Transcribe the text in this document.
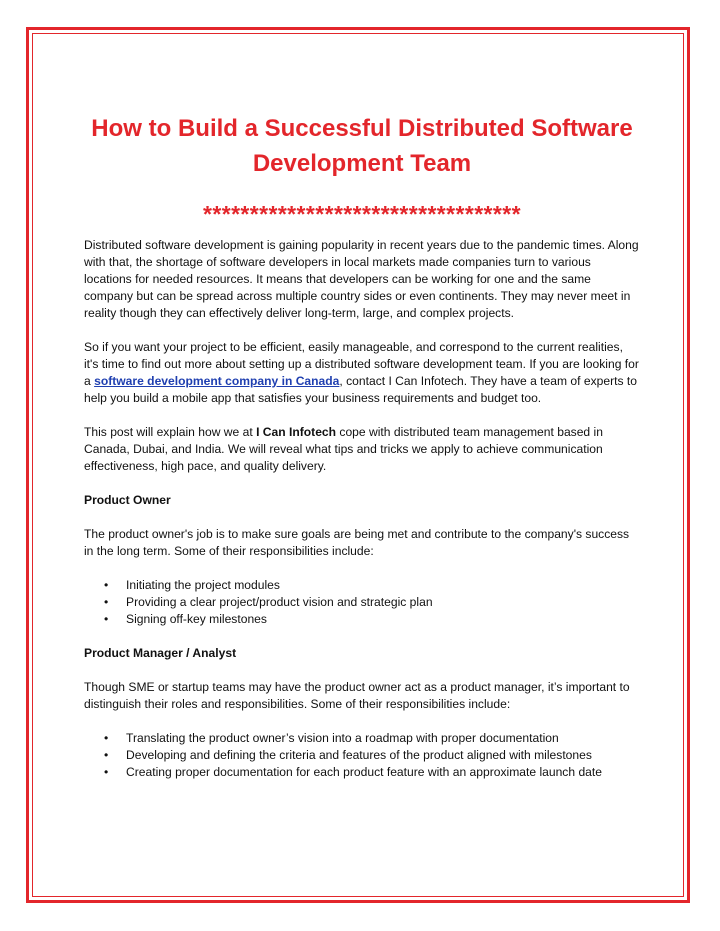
How to Build a Successful Distributed Software Development Team
**********************************

Distributed software development is gaining popularity in recent years due to the pandemic times. Along with that, the shortage of software developers in local markets made companies turn to various locations for needed resources. It means that developers can be working for one and the same company but can be spread across multiple country sides or even continents. They may never meet in reality though they can effectively deliver long-term, large, and complex projects.

So if you want your project to be efficient, easily manageable, and correspond to the current realities, it's time to find out more about setting up a distributed software development team. If you are looking for a software development company in Canada, contact I Can Infotech. They have a team of experts to help you build a mobile app that satisfies your business requirements and budget too.

This post will explain how we at I Can Infotech cope with distributed team management based in Canada, Dubai, and India. We will reveal what tips and tricks we apply to achieve communication effectiveness, high pace, and quality delivery.

Product Owner

The product owner's job is to make sure goals are being met and contribute to the company's success in the long term. Some of their responsibilities include:

• Initiating the project modules
• Providing a clear project/product vision and strategic plan
• Signing off-key milestones
Product Manager / Analyst

Though SME or startup teams may have the product owner act as a product manager, it’s important to distinguish their roles and responsibilities. Some of their responsibilities include:

• Translating the product owner’s vision into a roadmap with proper documentation
• Developing and defining the criteria and features of the product aligned with milestones
• Creating proper documentation for each product feature with an approximate launch date
